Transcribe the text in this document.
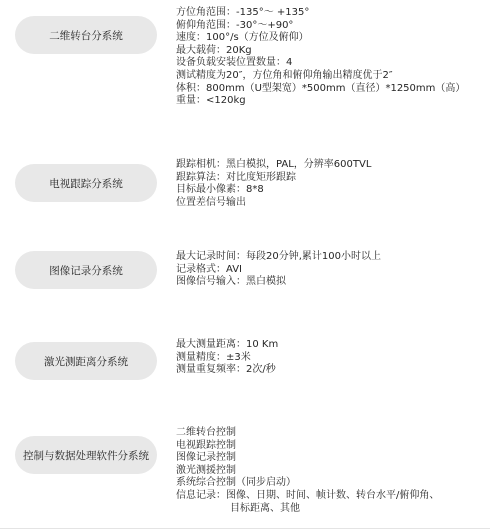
二维转台分系统
方位角范围：-135°～ +135°
俯仰角范围：-30°～+90°
速度：100°/s（方位及俯仰）
最大载荷：20Kg
设备负载安装位置数量：4
测试精度为20″，方位角和俯仰角输出精度优于2″
体积：800mm（U型架宽）*500mm（直径）*1250mm（高）
重量：<120kg
电视跟踪分系统
跟踪相机：黑白模拟，PAL，分辨率600TVL
跟踪算法：对比度矩形跟踪
目标最小像素：8*8
位置差信号输出
图像记录分系统
最大记录时间：每段20分钟,累计100小时以上
记录格式：AVI
图像信号输入：黑白模拟
激光测距离分系统
最大测量距离：10 Km
测量精度：±3米
测量重复频率：2次/秒
控制与数据处理软件分系统
二维转台控制
电视跟踪控制
图像记录控制
激光测援控制
系统综合控制（同步启动）
信息记录：图像、日期、时间、帧计数、转台水平/俯仰角、
目标距离、其他
